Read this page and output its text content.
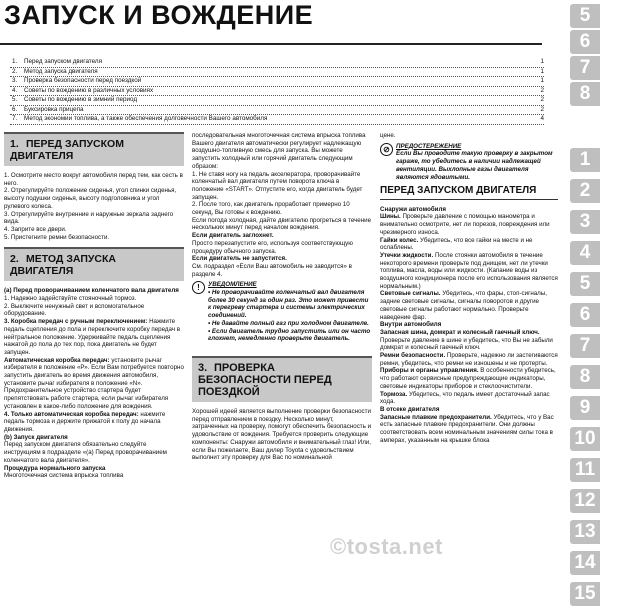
ЗАПУСК И ВОЖДЕНИЕ
1.	Перед запуском двигателя	1
2.	Метод запуска двигателя	1
3.	Проверка безопасности перед поездкой	1
4.	Советы по вождению в различных условиях	2
5.	Советы по вождению в зимний период	2
6.	Буксировка прицепа	2
7.	Метод экономии топлива, а также обеспечения долговечности Вашего автомобиля	4
5
6
7
8
1
2
3
4
5
6
7
8
9
10
11
12
13
14
15
1. ПЕРЕД ЗАПУСКОМ ДВИГАТЕЛЯ

1. Осмотрите место вокруг автомобиля перед тем, как сесть в него.

2. Отрегулируйте положение сиденья, угол спинки сиденья, высоту подушки сиденья, высоту подголовника и угол рулевого колеса.

3. Отрегулируйте внутренние и наружные зеркала заднего вида.

4. Заприте все двери.

5. Пристегните ремни безопасности.

2. МЕТОД ЗАПУСКА ДВИГАТЕЛЯ

(а) Перед проворачиванием коленчатого вала двигателя

1. Надежно задействуйте стояночный тормоз.

2. Выключите ненужный свет и вспомогательное оборудование.

3. Коробка передач с ручным переключением: Нажмите педаль сцепления до пола и переключите коробку передач в нейтральное положение. Удерживайте педаль сцепления нажатой до пола до тех пор, пока двигатель не будет запущен.

Автоматическая коробка передач: установите рычаг избирателя в положение «Р». Если Вам потребуется повторно запустить двигатель во время движения автомобиля, установите рычаг избирателя в положение «N». Предохранительное устройство стартера будет препятствовать работе стартера, если рычаг избирателя установлен в какое-либо положение для вождения.

4. Только автоматическая коробка передач: нажмите педаль тормоза и держите прижатой к полу до начала движения.

(b) Запуск двигателя

Перед запуском двигателя обязательно следуйте инструкциям в подразделе «(а) Перед проворачиванием коленчатого вала двигателя».

Процедура нормального запуска

Многоточечная система впрыска топлива

последовательная многоточечная система впрыска топлива Вашего двигателя автоматически регулирует надлежащую воздушно-топливную смесь для запуска. Вы можете запустить холодный или горячий двигатель следующим образом:

1. Не ставя ногу на педаль акселератора, проворачивайте коленчатый вал двигателя путем поворота ключа в положение «START». Отпустите его, когда двигатель будет запущен.

2. После того, как двигатель проработает примерно 10 секунд, Вы готовы к вождению.

Если погода холодная, дайте двигателю прогреться в течение нескольких минут перед началом вождения.

Если двигатель заглохнет.

Просто перезапустите его, используя соответствующую процедуру обычного запуска.

Если двигатель не запустится.

См. подраздел «Если Ваш автомобиль не заводится» в разделе 4.

!	УВЕДОМЛЕНИЕ

• Не проворачивайте коленчатый вал двигателя более 30 секунд за один раз. Это может привести к перегреву стартера и системы электрических соединений.

• Не давайте полный газ при холодном двигателе.

• Если двигатель трудно запустить или он часто глохнет, немедленно проверьте двигатель.

3. ПРОВЕРКА БЕЗОПАСНОСТИ ПЕРЕД ПОЕЗДКОЙ

Хорошей идеей является выполнение проверки безопасности перед отправлением в поездку. Несколько минут, затраченных на проверку, помогут обеспечить безопасность и удовольствие от вождения. Требуется проверить следующие компоненты: Снаружи автомобиля и внимательный глаз! Или, если Вы пожелаете, Ваш дилер Toyota с удовольствием выполнит эту проверку для Вас по номинальной

цене.

⊘ ПРЕДОСТЕРЕЖЕНИЕ

Если Вы проводите такую проверку в закрытом гараже, то убедитесь в наличии надлежащей вентиляции. Выхлопные газы двигателя являются ядовитыми.

ПЕРЕД ЗАПУСКОМ ДВИГАТЕЛЯ

Снаружи автомобиля

Шины. Проверьте давление с помощью манометра и внимательно осмотрите, нет ли порезов, повреждения или чрезмерного износа.

Гайки колес. Убедитесь, что все гайки на месте и не ослаблены.

Утечки жидкости. После стоянки автомобиля в течение некоторого времени проверьте под днищем, нет ли утечки топлива, масла, воды или жидкости. (Капание воды из воздушного кондиционера после его использования является нормальным.)

Световые сигналы. Убедитесь, что фары, стоп-сигналы, задние световые сигналы, сигналы поворотов и другие световые сигналы работают нормально. Проверьте наведение фар.

Внутри автомобиля

Запасная шина, домкрат и колесный гаечный ключ. Проверьте давление в шине и убедитесь, что Вы не забыли домкрат и колесный гаечный ключ.

Ремни безопасности. Проверьте, надежно ли застегиваются ремни, убедитесь, что ремни не изношены и не протерты.

Приборы и органы управления. В особенности убедитесь, что работают сервисные предупреждающие индикаторы, световые индикаторы приборов и стеклоочистители.

Тормоза. Убедитесь, что педаль имеет достаточный запас хода.

В отсеке двигателя

Запасные плавкие предохранители. Убедитесь, что у Вас есть запасные плавкие предохранители. Они должны соответствовать всем номинальным значениям силы тока в амперах, указанным на крышке блока

©tosta.net
